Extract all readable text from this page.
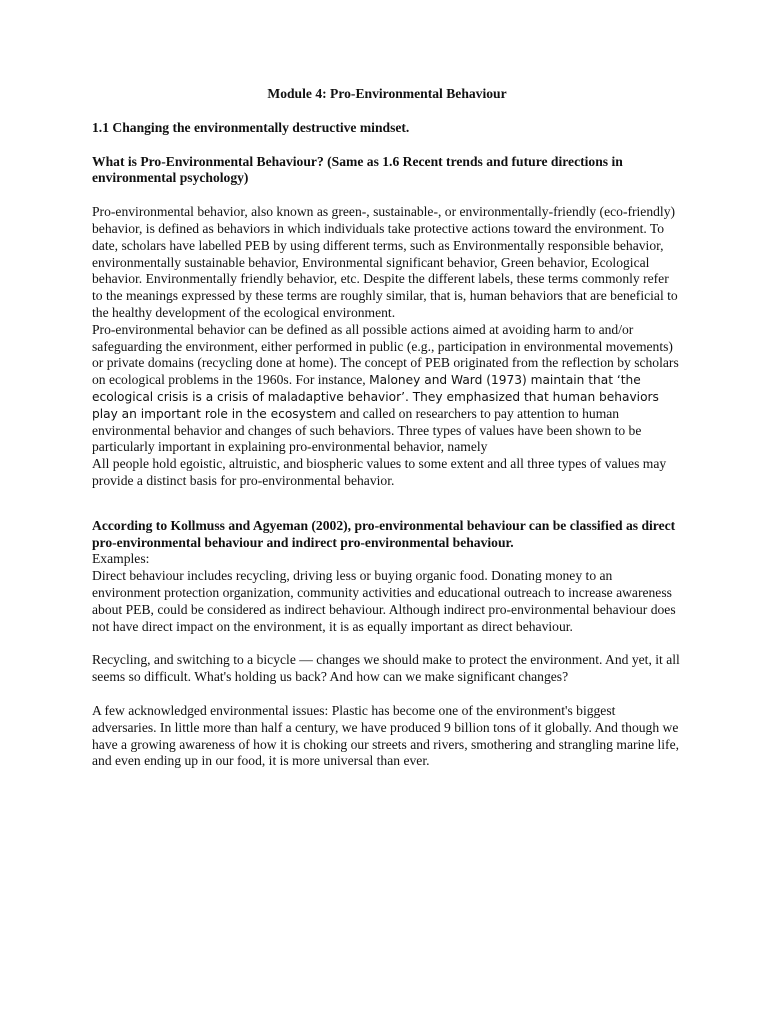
Module 4: Pro-Environmental Behaviour
1.1 Changing the environmentally destructive mindset.
What is Pro-Environmental Behaviour? (Same as 1.6 Recent trends and future directions in environmental psychology)

Pro-environmental behavior, also known as green-, sustainable-, or environmentally-friendly (eco-friendly) behavior, is defined as behaviors in which individuals take protective actions toward the environment. To date, scholars have labelled PEB by using different terms, such as Environmentally responsible behavior, environmentally sustainable behavior, Environmental significant behavior, Green behavior, Ecological behavior. Environmentally friendly behavior, etc. Despite the different labels, these terms commonly refer to the meanings expressed by these terms are roughly similar, that is, human behaviors that are beneficial to the healthy development of the ecological environment.

Pro-environmental behavior can be defined as all possible actions aimed at avoiding harm to and/or safeguarding the environment, either performed in public (e.g., participation in environmental movements) or private domains (recycling done at home). The concept of PEB originated from the reflection by scholars on ecological problems in the 1960s. For instance, Maloney and Ward (1973) maintain that ‘the ecological crisis is a crisis of maladaptive behavior’. They emphasized that human behaviors play an important role in the ecosystem and called on researchers to pay attention to human environmental behavior and changes of such behaviors. Three types of values have been shown to be particularly important in explaining pro-environmental behavior, namely

All people hold egoistic, altruistic, and biospheric values to some extent and all three types of values may provide a distinct basis for pro-environmental behavior.

According to Kollmuss and Agyeman (2002), pro-environmental behaviour can be classified as direct pro-environmental behaviour and indirect pro-environmental behaviour.

Examples:

Direct behaviour includes recycling, driving less or buying organic food. Donating money to an environment protection organization, community activities and educational outreach to increase awareness about PEB, could be considered as indirect behaviour. Although indirect pro-environmental behaviour does not have direct impact on the environment, it is as equally important as direct behaviour.

Recycling, and switching to a bicycle — changes we should make to protect the environment. And yet, it all seems so difficult. What's holding us back? And how can we make significant changes?

A few acknowledged environmental issues: Plastic has become one of the environment's biggest adversaries. In little more than half a century, we have produced 9 billion tons of it globally. And though we have a growing awareness of how it is choking our streets and rivers, smothering and strangling marine life, and even ending up in our food, it is more universal than ever.
